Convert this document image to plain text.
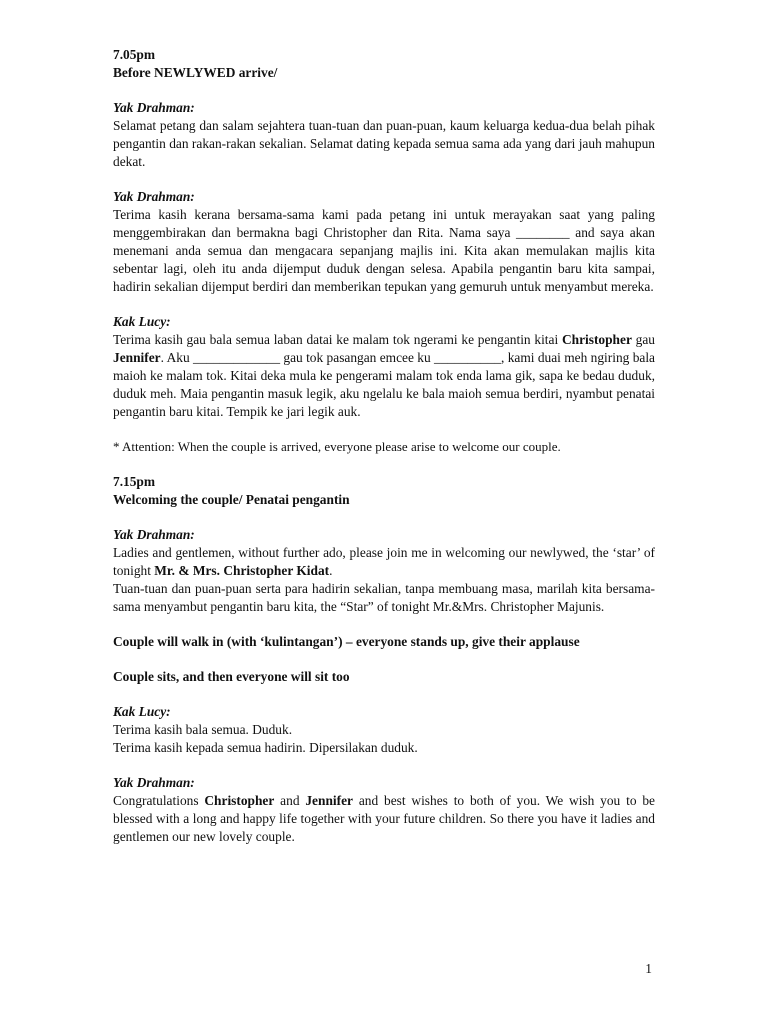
7.05pm
Before NEWLYWED arrive/
Yak Drahman:
Selamat petang dan salam sejahtera tuan-tuan dan puan-puan, kaum keluarga kedua-dua belah pihak pengantin dan rakan-rakan sekalian. Selamat dating kepada semua sama ada yang dari jauh mahupun dekat.
Yak Drahman:
Terima kasih kerana bersama-sama kami pada petang ini untuk merayakan saat yang paling menggembirakan dan bermakna bagi Christopher dan Rita. Nama saya ________ and saya akan menemani anda semua dan mengacara sepanjang majlis ini. Kita akan memulakan majlis kita sebentar lagi, oleh itu anda dijemput duduk dengan selesa. Apabila pengantin baru kita sampai, hadirin sekalian dijemput berdiri dan memberikan tepukan yang gemuruh untuk menyambut mereka.
Kak Lucy:
Terima kasih gau bala semua laban datai ke malam tok ngerami ke pengantin kitai Christopher gau Jennifer. Aku _____________ gau tok pasangan emcee ku __________, kami duai meh ngiring bala maioh ke malam tok. Kitai deka mula ke pengerami malam tok enda lama gik, sapa ke bedau duduk, duduk meh. Maia pengantin masuk legik, aku ngelalu ke bala maioh semua berdiri, nyambut penatai pengantin baru kitai. Tempik ke jari legik auk.
* Attention: When the couple is arrived, everyone please arise to welcome our couple.
7.15pm
Welcoming the couple/ Penatai pengantin
Yak Drahman:
Ladies and gentlemen, without further ado, please join me in welcoming our newlywed, the ‘star’ of tonight Mr. & Mrs. Christopher Kidat.
Tuan-tuan dan puan-puan serta para hadirin sekalian, tanpa membuang masa, marilah kita bersama-sama menyambut pengantin baru kita, the “Star” of tonight Mr.&Mrs. Christopher Majunis.
Couple will walk in (with ‘kulintangan’) – everyone stands up, give their applause
Couple sits, and then everyone will sit too
Kak Lucy:
Terima kasih bala semua. Duduk.
Terima kasih kepada semua hadirin. Dipersilakan duduk.
Yak Drahman:
Congratulations Christopher and Jennifer and best wishes to both of you. We wish you to be blessed with a long and happy life together with your future children. So there you have it ladies and gentlemen our new lovely couple.
1
